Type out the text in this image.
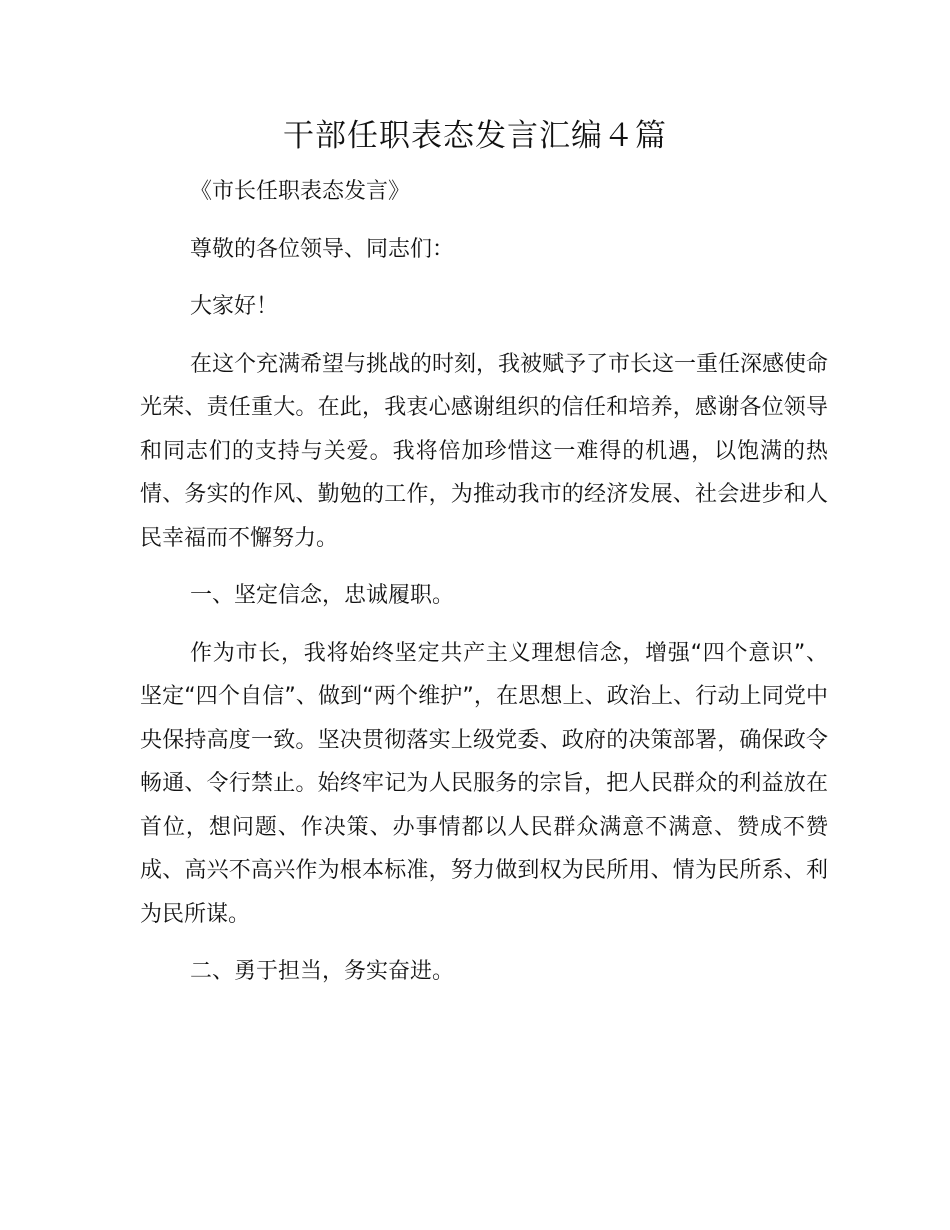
干部任职表态发言汇编４篇

《市长任职表态发言》

尊敬的各位领导、同志们：

大家好！

在这个充满希望与挑战的时刻，我被赋予了市长这一重任深感使命光荣、责任重大。在此，我衷心感谢组织的信任和培养，感谢各位领导和同志们的支持与关爱。我将倍加珍惜这一难得的机遇，以饱满的热情、务实的作风、勤勉的工作，为推动我市的经济发展、社会进步和人民幸福而不懈努力。

一、坚定信念，忠诚履职。

作为市长，我将始终坚定共产主义理想信念，增强“四个意识”、坚定“四个自信”、做到“两个维护”，在思想上、政治上、行动上同党中央保持高度一致。坚决贯彻落实上级党委、政府的决策部署，确保政令畅通、令行禁止。始终牢记为人民服务的宗旨，把人民群众的利益放在首位，想问题、作决策、办事情都以人民群众满意不满意、赞成不赞成、高兴不高兴作为根本标准，努力做到权为民所用、情为民所系、利为民所谋。

二、勇于担当，务实奋进。
